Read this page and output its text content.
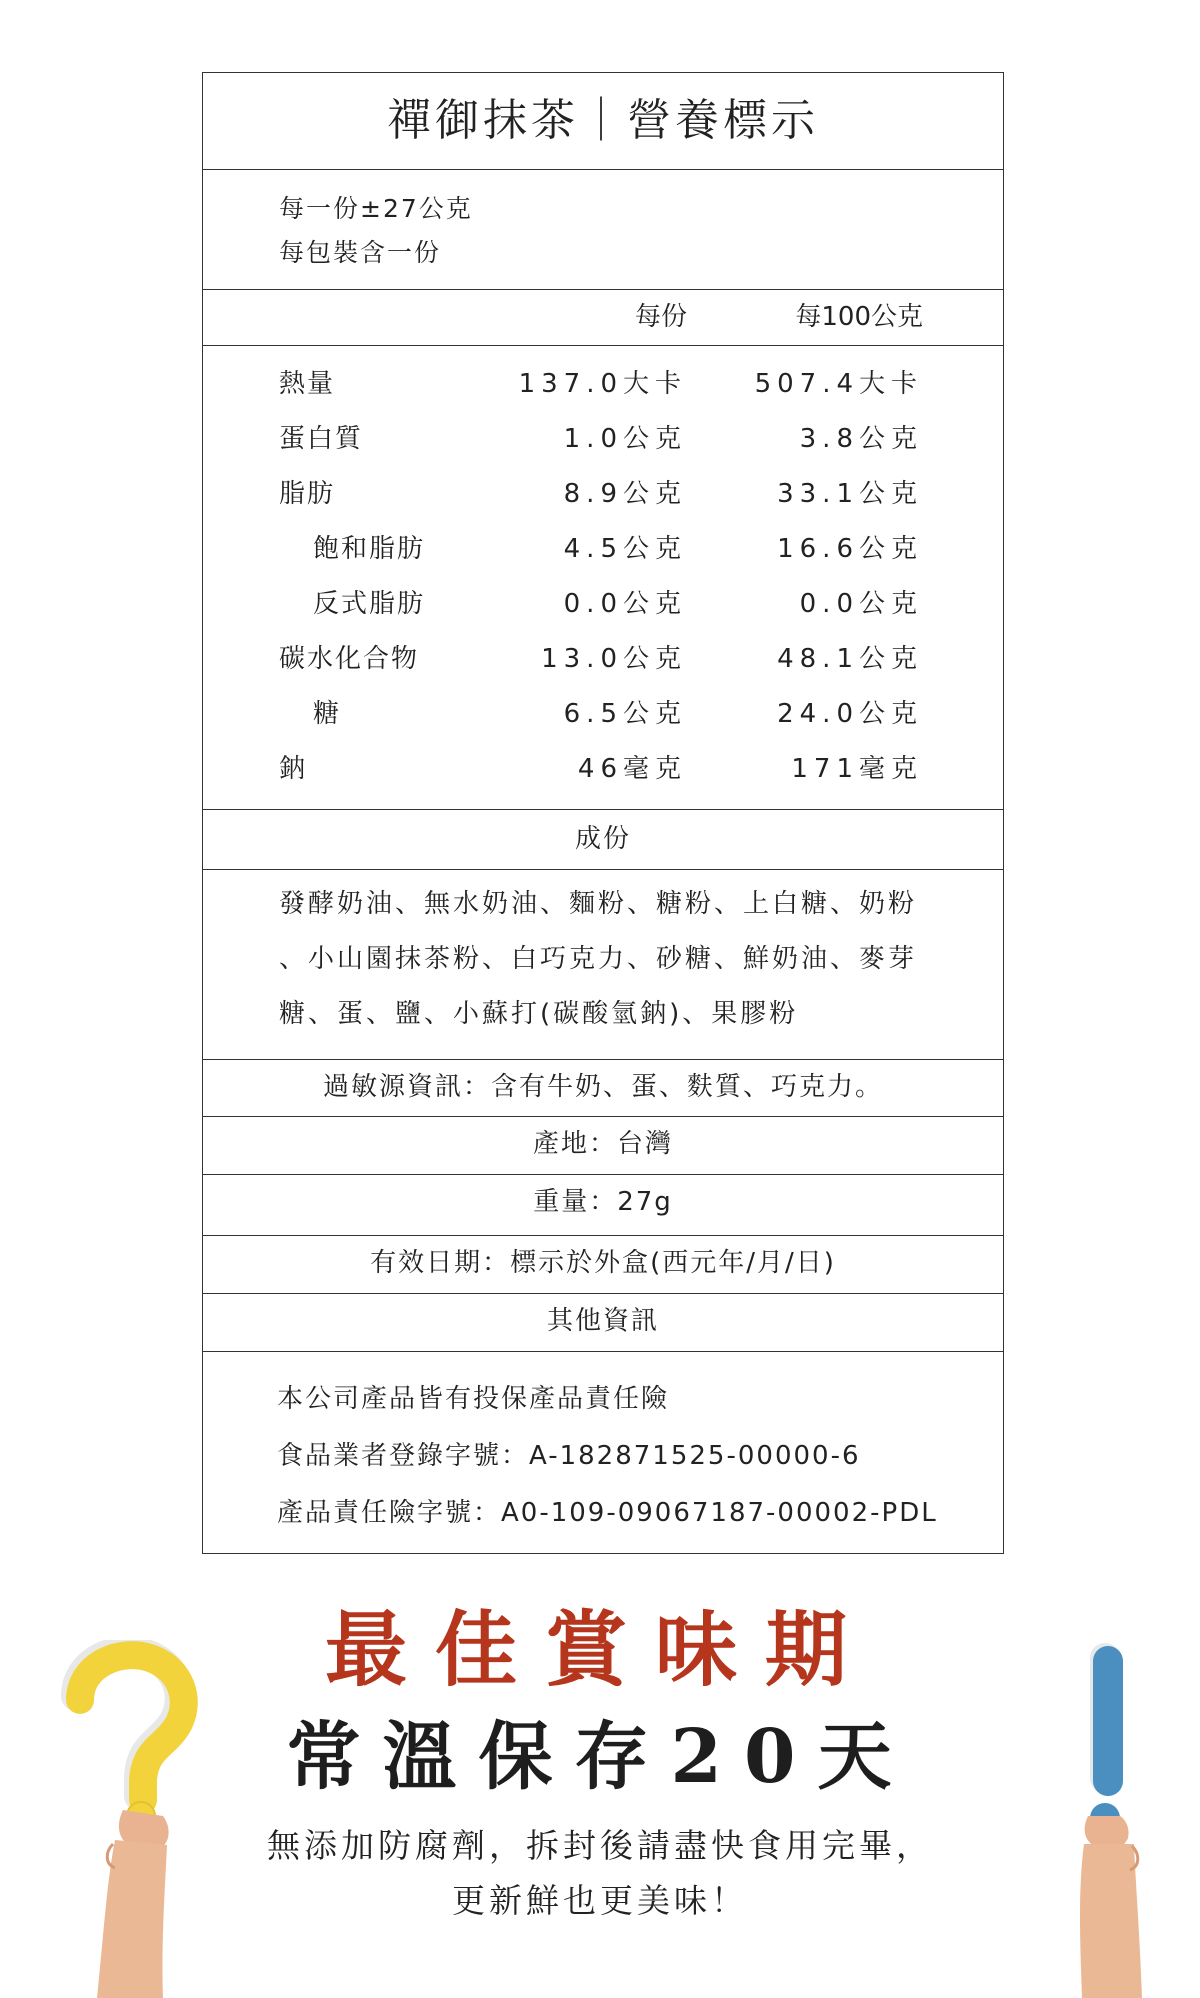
禪御抹茶｜營養標示
每一份±27公克
每包裝含一份
每份	每100公克
熱量	137.0大卡	507.4大卡
蛋白質	1.0公克	3.8公克
脂肪	8.9公克	33.1公克
飽和脂肪	4.5公克	16.6公克
反式脂肪	0.0公克	0.0公克
碳水化合物	13.0公克	48.1公克
糖	6.5公克	24.0公克
鈉	46毫克	171毫克
成份
發酵奶油、無水奶油、麵粉、糖粉、上白糖、奶粉
、小山園抹茶粉、白巧克力、砂糖、鮮奶油、麥芽
糖、蛋、鹽、小蘇打(碳酸氫鈉)、果膠粉
過敏源資訊：含有牛奶、蛋、麩質、巧克力。
產地：台灣
重量：27g
有效日期：標示於外盒(西元年/月/日)
其他資訊
本公司產品皆有投保產品責任險
食品業者登錄字號：A-182871525-00000-6
產品責任險字號：A0-109-09067187-00002-PDL
最佳賞味期
常溫保存20天
無添加防腐劑，拆封後請盡快食用完畢，
更新鮮也更美味！
